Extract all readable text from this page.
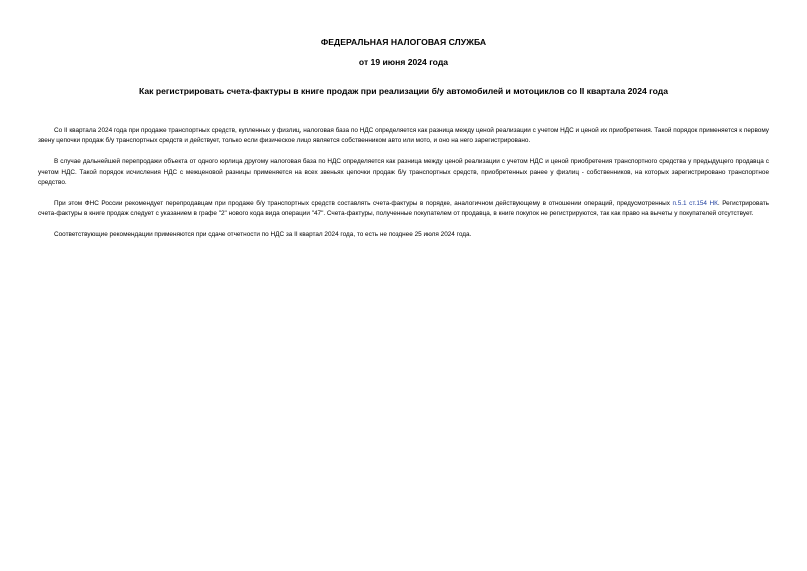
ФЕДЕРАЛЬНАЯ НАЛОГОВАЯ СЛУЖБА
от 19 июня 2024 года
Как регистрировать счета-фактуры в книге продаж при реализации б/у автомобилей и мотоциклов со II квартала 2024 года

Со II квартала 2024 года при продаже транспортных средств, купленных у физлиц, налоговая база по НДС определяется как разница между ценой реализации с учетом НДС и ценой их приобретения. Такой порядок применяется к первому звену цепочки продаж б/у транспортных средств и действует, только если физическое лицо является собственником авто или мото, и оно на него зарегистрировано.

В случае дальнейшей перепродажи объекта от одного юрлица другому налоговая база по НДС определяется как разница между ценой реализации с учетом НДС и ценой приобретения транспортного средства у предыдущего продавца с учетом НДС. Такой порядок исчисления НДС с межценовой разницы применяется на всех звеньях цепочки продаж б/у транспортных средств, приобретенных ранее у физлиц - собственников, на которых зарегистрировано транспортное средство.

При этом ФНС России рекомендует перепродавцам при продаже б/у транспортных средств составлять счета-фактуры в порядке, аналогичном действующему в отношении операций, предусмотренных п.5.1 ст.154 НК. Регистрировать счета-фактуры в книге продаж следует с указанием в графе "2" нового кода вида операции "47". Счета-фактуры, полученные покупателем от продавца, в книге покупок не регистрируются, так как право на вычеты у покупателей отсутствует.

Соответствующие рекомендации применяются при сдаче отчетности по НДС за II квартал 2024 года, то есть не позднее 25 июля 2024 года.
